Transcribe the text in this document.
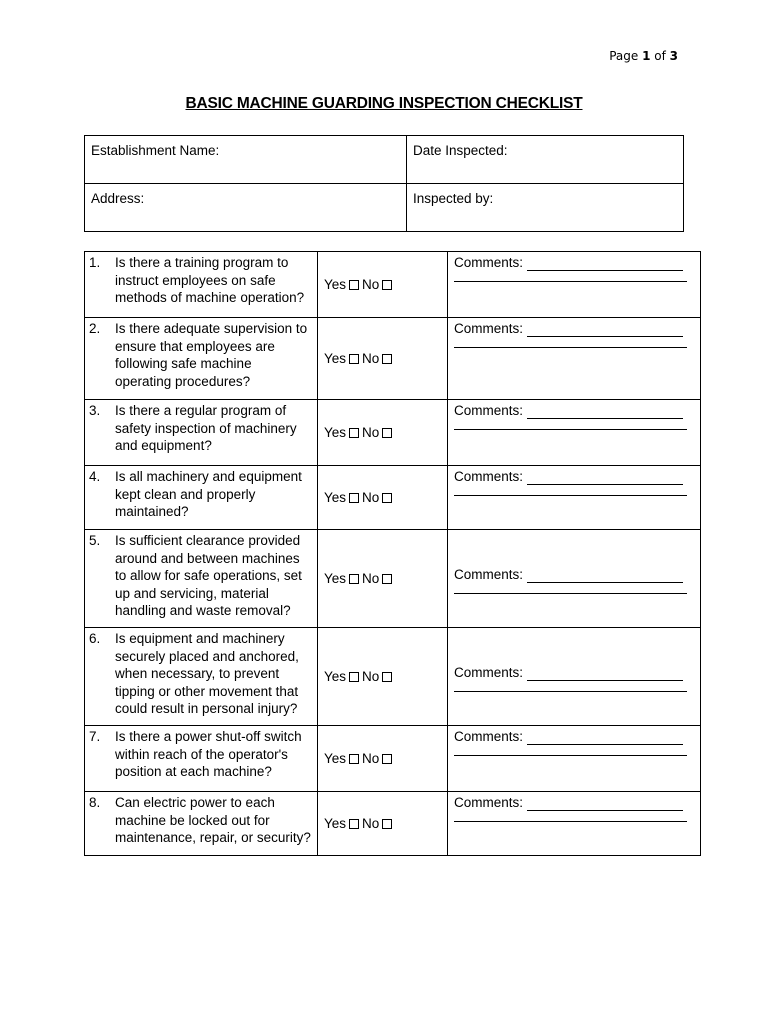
Page 1 of 3
BASIC MACHINE GUARDING INSPECTION CHECKLIST
Establishment Name:	Date Inspected:
Address:	Inspected by:
1. Is there a training program to instruct employees on safe methods of machine operation?	Yes No	Comments:

2. Is there adequate supervision to ensure that employees are following safe machine operating procedures?	Yes No	Comments:

3. Is there a regular program of safety inspection of machinery and equipment?	Yes No	Comments:

4. Is all machinery and equipment kept clean and properly maintained?	Yes No	Comments:

5. Is sufficient clearance provided around and between machines to allow for safe operations, set up and servicing, material handling and waste removal?	Yes No	Comments:

6. Is equipment and machinery securely placed and anchored, when necessary, to prevent tipping or other movement that could result in personal injury?	Yes No	Comments:

7. Is there a power shut-off switch within reach of the operator's position at each machine?	Yes No	Comments:

8. Can electric power to each machine be locked out for maintenance, repair, or security?	Yes No	Comments:
